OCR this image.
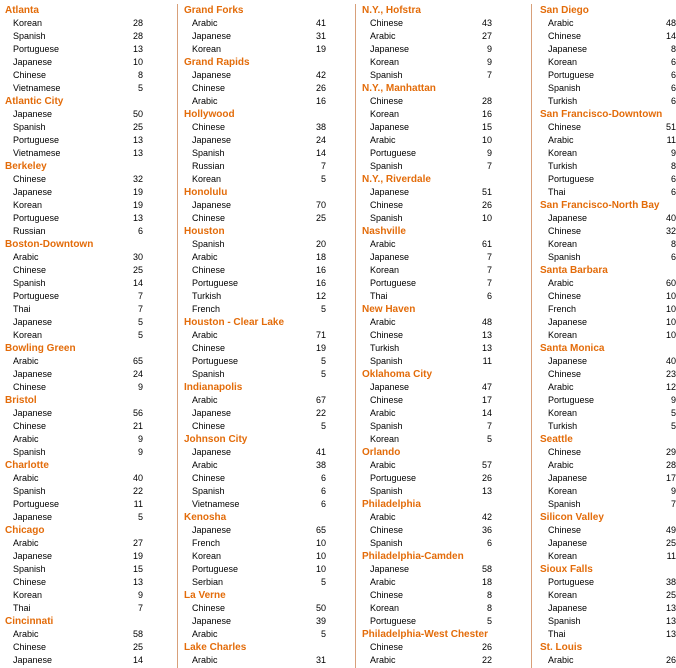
Atlanta
Korean	28
Spanish	28
Portuguese	13
Japanese	10
Chinese	8
Vietnamese	5
Atlantic City
Japanese	50
Spanish	25
Portuguese	13
Vietnamese	13
Berkeley
Chinese	32
Japanese	19
Korean	19
Portuguese	13
Russian	6
Boston-Downtown
Arabic	30
Chinese	25
Spanish	14
Portuguese	7
Thai	7
Japanese	5
Korean	5
Bowling Green
Arabic	65
Japanese	24
Chinese	9
Bristol
Japanese	56
Chinese	21
Arabic	9
Spanish	9
Charlotte
Arabic	40
Spanish	22
Portuguese	11
Japanese	5
Chicago
Arabic	27
Japanese	19
Spanish	15
Chinese	13
Korean	9
Thai	7
Cincinnati
Arabic	58
Chinese	25
Japanese	14
Grand Forks
Arabic	41
Japanese	31
Korean	19
Grand Rapids
Japanese	42
Chinese	26
Arabic	16
Hollywood
Chinese	38
Japanese	24
Spanish	14
Russian	7
Korean	5
Honolulu
Japanese	70
Chinese	25
Houston
Spanish	20
Arabic	18
Chinese	16
Portuguese	16
Turkish	12
French	5
Houston - Clear Lake
Arabic	71
Chinese	19
Portuguese	5
Spanish	5
Indianapolis
Arabic	67
Japanese	22
Chinese	5
Johnson City
Japanese	41
Arabic	38
Chinese	6
Spanish	6
Vietnamese	6
Kenosha
Japanese	65
French	10
Korean	10
Portuguese	10
Serbian	5
La Verne
Chinese	50
Japanese	39
Arabic	5
Lake Charles
Arabic	31
N.Y., Hofstra
Chinese	43
Arabic	27
Japanese	9
Korean	9
Spanish	7
N.Y., Manhattan
Chinese	28
Korean	16
Japanese	15
Arabic	10
Portuguese	9
Spanish	7
N.Y., Riverdale
Japanese	51
Chinese	26
Spanish	10
Nashville
Arabic	61
Japanese	7
Korean	7
Portuguese	7
Thai	6
New Haven
Arabic	48
Chinese	13
Turkish	13
Spanish	11
Oklahoma City
Japanese	47
Chinese	17
Arabic	14
Spanish	7
Korean	5
Orlando
Arabic	57
Portuguese	26
Spanish	13
Philadelphia
Arabic	42
Chinese	36
Spanish	6
Philadelphia-Camden
Japanese	58
Arabic	18
Chinese	8
Korean	8
Portuguese	5
Philadelphia-West Chester
Chinese	26
Arabic	22
San Diego
Arabic	48
Chinese	14
Japanese	8
Korean	6
Portuguese	6
Spanish	6
Turkish	6
San Francisco-Downtown
Chinese	51
Arabic	11
Korean	9
Turkish	8
Portuguese	6
Thai	6
San Francisco-North Bay
Japanese	40
Chinese	32
Korean	8
Spanish	6
Santa Barbara
Arabic	60
Chinese	10
French	10
Japanese	10
Korean	10
Santa Monica
Japanese	40
Chinese	23
Arabic	12
Portuguese	9
Korean	5
Turkish	5
Seattle
Chinese	29
Arabic	28
Japanese	17
Korean	9
Spanish	7
Silicon Valley
Chinese	49
Japanese	25
Korean	11
Sioux Falls
Portuguese	38
Korean	25
Japanese	13
Spanish	13
Thai	13
St. Louis
Arabic	26
